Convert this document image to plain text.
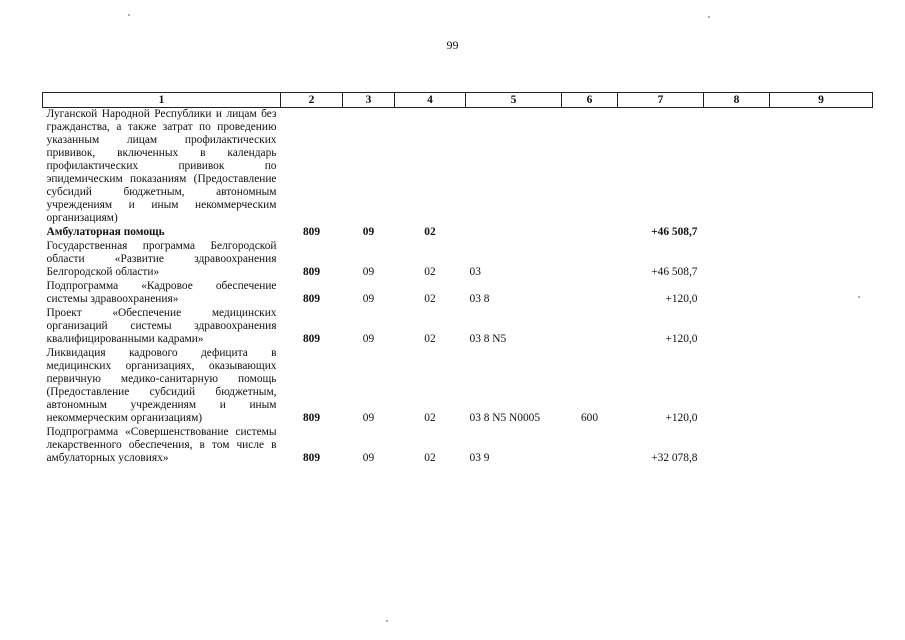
99
1	2	3	4	5	6	7	8	9
Луганской Народной Республики и лицам без гражданства, а также затрат по проведению указанным лицам профилактических прививок, включенных в календарь профилактических прививок по эпидемическим показаниям (Предоставление субсидий бюджетным, автономным учреждениям и иным некоммерческим организациям)								
Амбулаторная помощь	809	09	02			+46 508,7		
Государственная программа Белгородской области «Развитие здравоохранения Белгородской области»	809	09	02	03		+46 508,7		
Подпрограмма «Кадровое обеспечение системы здравоохранения»	809	09	02	03 8		+120,0		
Проект «Обеспечение медицинских организаций системы здравоохранения квалифицированными кадрами»	809	09	02	03 8 N5		+120,0		
Ликвидация кадрового дефицита в медицинских организациях, оказывающих первичную медико-санитарную помощь (Предоставление субсидий бюджетным, автономным учреждениям и иным некоммерческим организациям)	809	09	02	03 8 N5 N0005	600	+120,0		
Подпрограмма «Совершенствование системы лекарственного обеспечения, в том числе в амбулаторных условиях»	809	09	02	03 9		+32 078,8		
